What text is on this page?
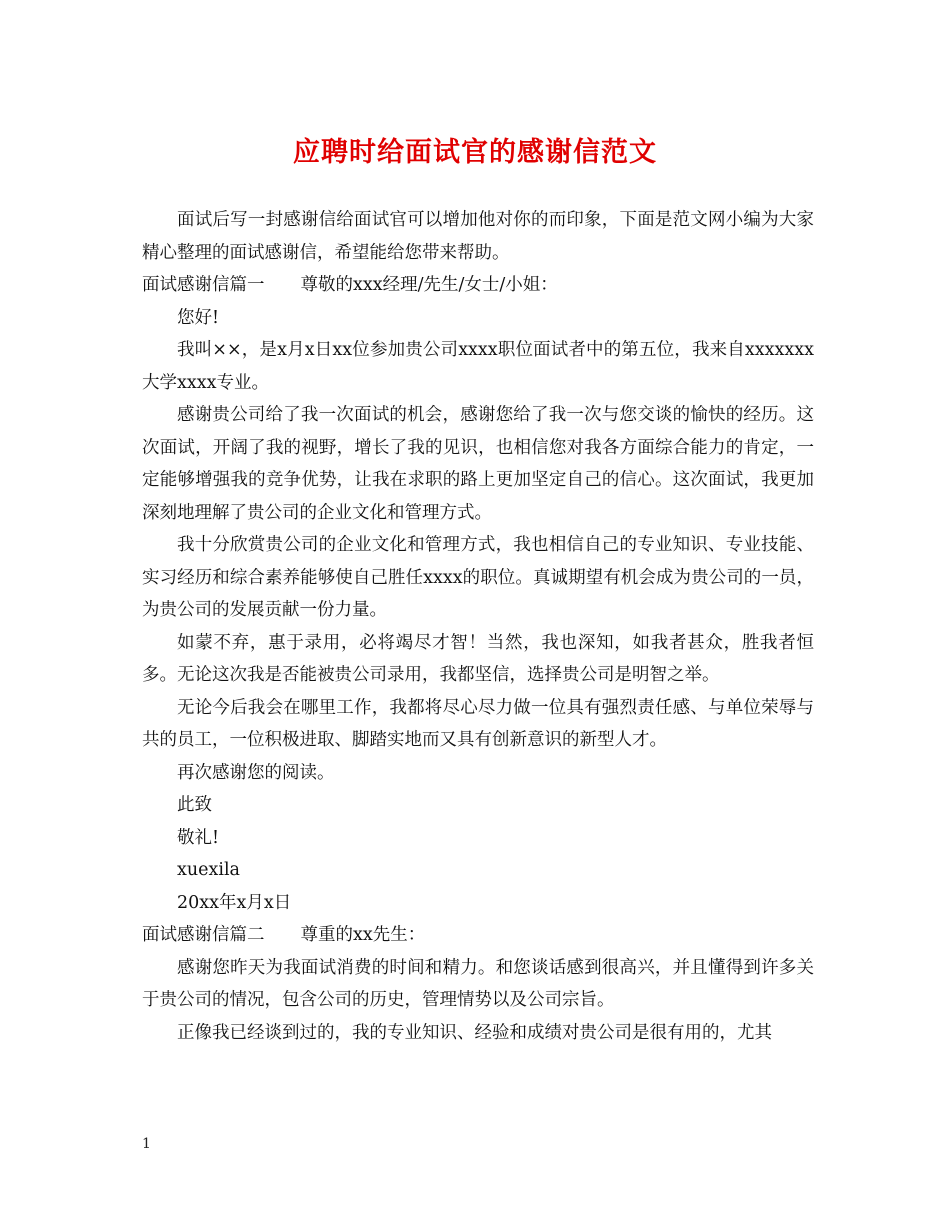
应聘时给面试官的感谢信范文

面试后写一封感谢信给面试官可以增加他对你的而印象，下面是范文网小编为大家精心整理的面试感谢信，希望能给您带来帮助。

面试感谢信篇一 尊敬的xxx经理/先生/女士/小姐：

您好!

我叫××，是x月x日xx位参加贵公司xxxx职位面试者中的第五位，我来自xxxxxxx大学xxxx专业。

感谢贵公司给了我一次面试的机会，感谢您给了我一次与您交谈的愉快的经历。这次面试，开阔了我的视野，增长了我的见识，也相信您对我各方面综合能力的肯定，一定能够增强我的竞争优势，让我在求职的路上更加坚定自己的信心。这次面试，我更加深刻地理解了贵公司的企业文化和管理方式。

我十分欣赏贵公司的企业文化和管理方式，我也相信自己的专业知识、专业技能、实习经历和综合素养能够使自己胜任xxxx的职位。真诚期望有机会成为贵公司的一员，为贵公司的发展贡献一份力量。

如蒙不弃，惠于录用，必将竭尽才智！当然，我也深知，如我者甚众，胜我者恒多。无论这次我是否能被贵公司录用，我都坚信，选择贵公司是明智之举。

无论今后我会在哪里工作，我都将尽心尽力做一位具有强烈责任感、与单位荣辱与共的员工，一位积极进取、脚踏实地而又具有创新意识的新型人才。

再次感谢您的阅读。

此致

敬礼!

xuexila

20xx年x月x日

面试感谢信篇二 尊重的xx先生：

感谢您昨天为我面试消费的时间和精力。和您谈话感到很高兴，并且懂得到许多关于贵公司的情况，包含公司的历史，管理情势以及公司宗旨。

正像我已经谈到过的，我的专业知识、经验和成绩对贵公司是很有用的，尤其

1
